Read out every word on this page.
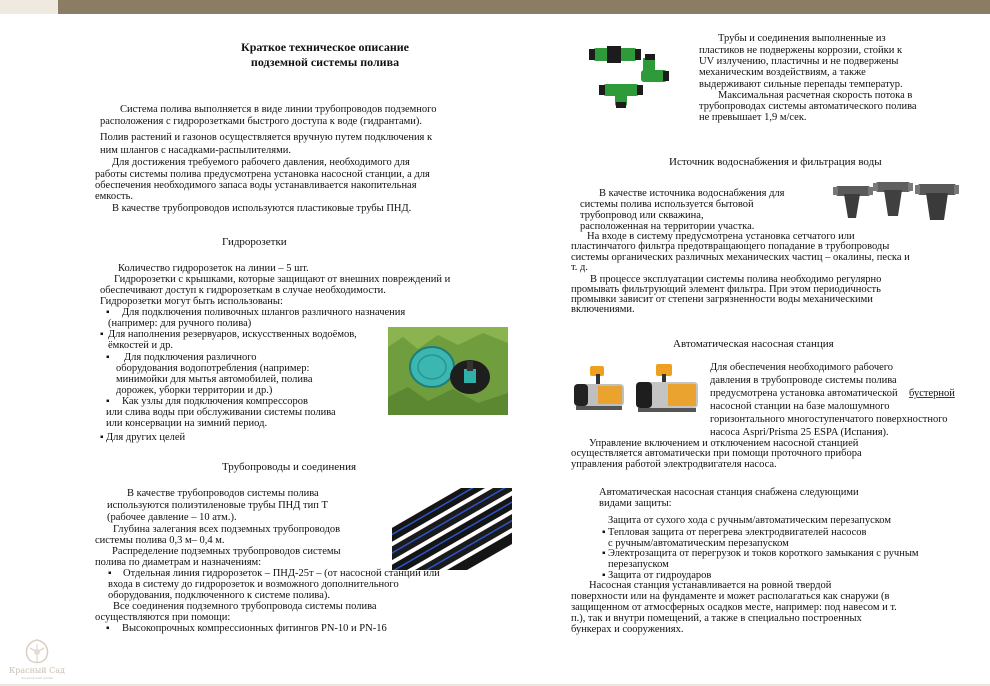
Краткое техническое описание
подземной системы полива
Система полива выполняется в виде линии трубопроводов подземного
расположения с гидророзетками быстрого доступа к воде (гидрантами).
Полив растений и газонов осуществляется вручную путем подключения к
ним шлангов с насадками-распылителями.
Для достижения требуемого рабочего давления, необходимого для
работы системы полива предусмотрена установка насосной станции, а для
обеспечения необходимого запаса воды устанавливается накопительная
емкость.
В качестве трубопроводов используются пластиковые трубы ПНД.
Гидророзетки
Количество гидророзеток на линии – 5 шт.
Гидророзетки с крышками, которые защищают от внешних повреждений и
обеспечивают доступ к гидророзеткам в случае необходимости.
Гидророзетки могут быть использованы:
▪ Для подключения поливочных шлангов различного назначения
(например: для ручного полива)
▪ Для наполнения резервуаров, искусственных водоёмов,
ёмкостей и др.
▪ Для подключения различного
оборудования водопотребления (например:
минимойки для мытья автомобилей, полива
дорожек, уборки территории и др.)
▪ Как узлы для подключения компрессоров
или слива воды при обслуживании системы полива
или консервации на зимний период.
▪ Для других целей
Трубопроводы и соединения
В качестве трубопроводов системы полива
используются полиэтиленовые трубы ПНД тип Т
(рабочее давление – 10 атм.).
Глубина залегания всех подземных трубопроводов
системы полива 0,3 м– 0,4 м.
Распределение подземных трубопроводов системы
полива по диаметрам и назначениям:
▪ Отдельная линия гидророзеток – ПНД-25т – (от насосной станции или
входа в систему до гидророзеток и возможного дополнительного
оборудования, подключенного к системе полива).
Все соединения подземного трубопровода системы полива
осуществляются при помощи:
▪ Высокопрочных компрессионных фитингов PN-10 и PN-16
Трубы и соединения выполненные из
пластиков не подвержены коррозии, стойки к
UV излучению, пластичны и не подвержены
механическим воздействиям, а также
выдерживают сильные перепады температур.
Максимальная расчетная скорость потока в
трубопроводах системы автоматического полива
не превышает 1,9 м/сек.
Источник водоснабжения и фильтрация воды
В качестве источника водоснабжения для
системы полива используется бытовой
трубопровод или скважина,
расположенная на территории участка.
На входе в систему предусмотрена установка сетчатого или
пластинчатого фильтра предотвращающего попадание в трубопроводы
системы органических различных механических частиц – окалины, песка и
т. д.
В процессе эксплуатации системы полива необходимо регулярно
промывать фильтрующий элемент фильтра. При этом периодичность
промывки зависит от степени загрязненности воды механическими
включениями.
Автоматическая насосная станция
Для обеспечения необходимого рабочего
давления в трубопроводе системы полива
предусмотрена установка автоматической бустерной
насосной станции на базе малошумного
горизонтального многоступенчатого поверхностного
насоса Aspri/Prisma 25 ESPA (Испания).
Управление включением и отключением насосной станцией
осуществляется автоматически при помощи проточного прибора
управления работой электродвигателя насоса.
Автоматическая насосная станция снабжена следующими
видами защиты:
Защита от сухого хода с ручным/автоматическим перезапуском
▪ Тепловая защита от перегрева электродвигателей насосов
с ручным/автоматическим перезапуском
▪ Электрозащита от перегрузок и токов короткого замыкания с ручным
перезапуском
▪ Защита от гидроударов
Насосная станция устанавливается на ровной твердой
поверхности или на фундаменте и может располагаться как снаружи (в
защищенном от атмосферных осадков месте, например: под навесом и т.
п.), так и внутри помещений, а также в специально построенных
бункерах и сооружениях.
Красный Сад
ландшафтный дизайн
